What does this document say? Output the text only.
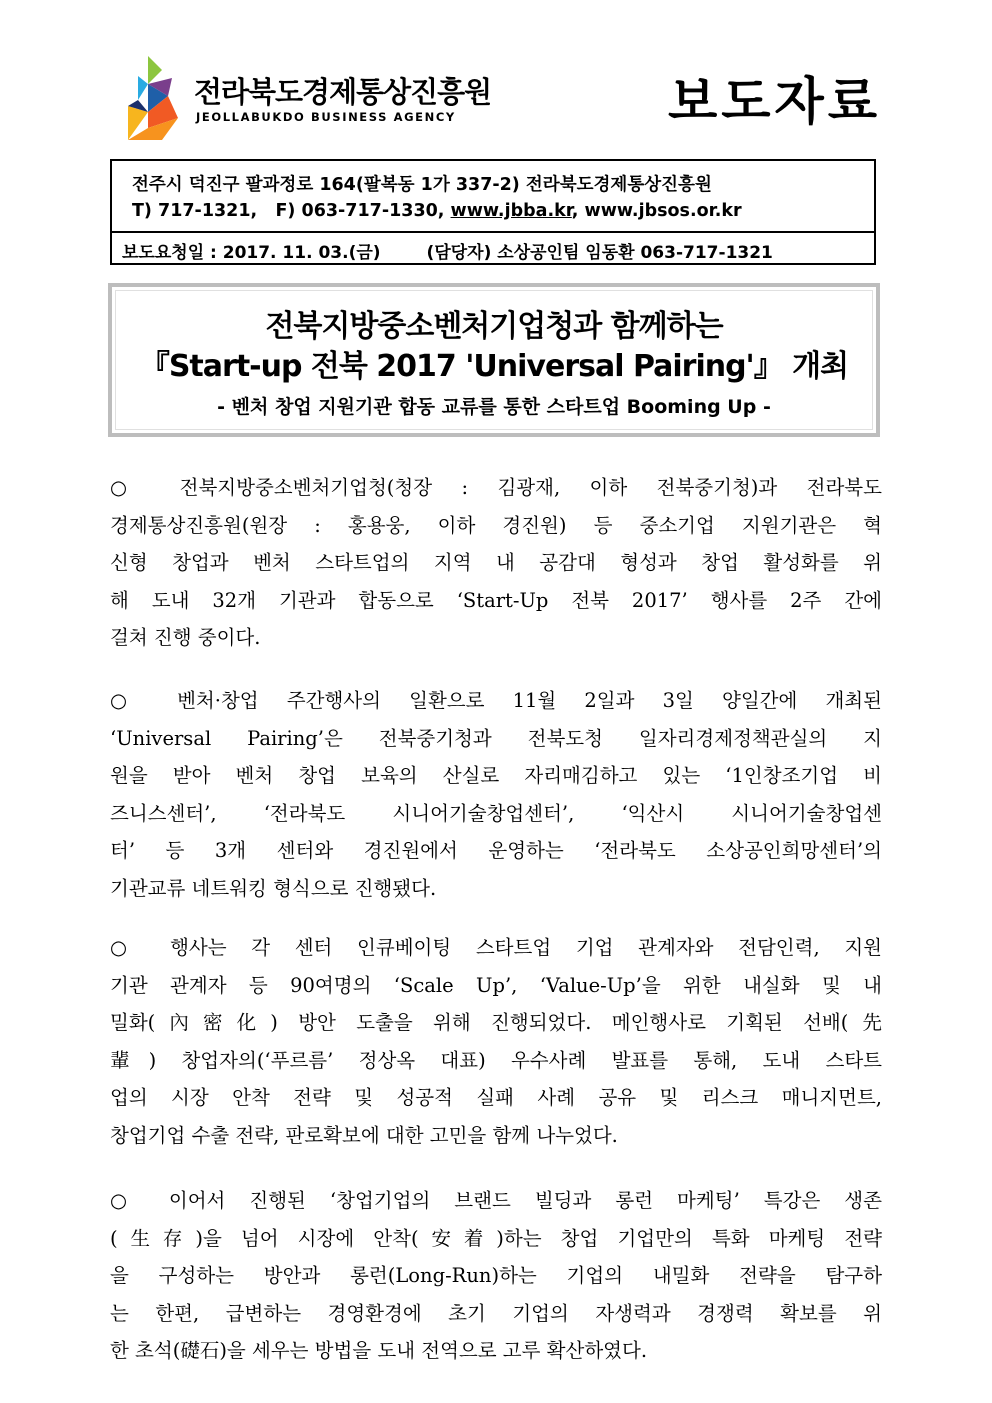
전라북도경제통상진흥원
JEOLLABUKDO BUSINESS AGENCY	보도자료
전주시 덕진구 팔과정로 164(팔복동 1가 337-2) 전라북도경제통상진흥원
T) 717-1321, F) 063-717-1330, www.jbba.kr, www.jbsos.or.kr
보도요청일 : 2017. 11. 03.(금)	(담당자) 소상공인팀 임동환 063-717-1321
전북지방중소벤처기업청과 함께하는
『Start-up 전북 2017 'Universal Pairing'』 개최
- 벤처 창업 지원기관 합동 교류를 통한 스타트업 Booming Up -
○ 전북지방중소벤처기업청(청장 : 김광재, 이하 전북중기청)과 전라북도
경제통상진흥원(원장 : 홍용웅, 이하 경진원) 등 중소기업 지원기관은 혁
신형 창업과 벤처 스타트업의 지역 내 공감대 형성과 창업 활성화를 위
해 도내 32개 기관과 합동으로 ‘Start-Up 전북 2017’ 행사를 2주 간에
걸쳐 진행 중이다.
○ 벤처·창업 주간행사의 일환으로 11월 2일과 3일 양일간에 개최된
‘Universal Pairing’은 전북중기청과 전북도청 일자리경제정책관실의 지
원을 받아 벤처 창업 보육의 산실로 자리매김하고 있는 ‘1인창조기업 비
즈니스센터’, ‘전라북도 시니어기술창업센터’, ‘익산시 시니어기술창업센
터’ 등 3개 센터와 경진원에서 운영하는 ‘전라북도 소상공인희망센터’의
기관교류 네트워킹 형식으로 진행됐다.
○ 행사는 각 센터 인큐베이팅 스타트업 기업 관계자와 전담인력, 지원
기관 관계자 등 90여명의 ‘Scale Up’, ‘Value-Up’을 위한 내실화 및 내
밀화(內密化) 방안 도출을 위해 진행되었다. 메인행사로 기획된 선배(先
輩) 창업자의(‘푸르름’ 정상옥 대표) 우수사례 발표를 통해, 도내 스타트
업의 시장 안착 전략 및 성공적 실패 사례 공유 및 리스크 매니지먼트,
창업기업 수출 전략, 판로확보에 대한 고민을 함께 나누었다.
○ 이어서 진행된 ‘창업기업의 브랜드 빌딩과 롱런 마케팅’ 특강은 생존
(生存)을 넘어 시장에 안착(安着)하는 창업 기업만의 특화 마케팅 전략
을 구성하는 방안과 롱런(Long-Run)하는 기업의 내밀화 전략을 탐구하
는 한편, 급변하는 경영환경에 초기 기업의 자생력과 경쟁력 확보를 위
한 초석(礎石)을 세우는 방법을 도내 전역으로 고루 확산하였다.
